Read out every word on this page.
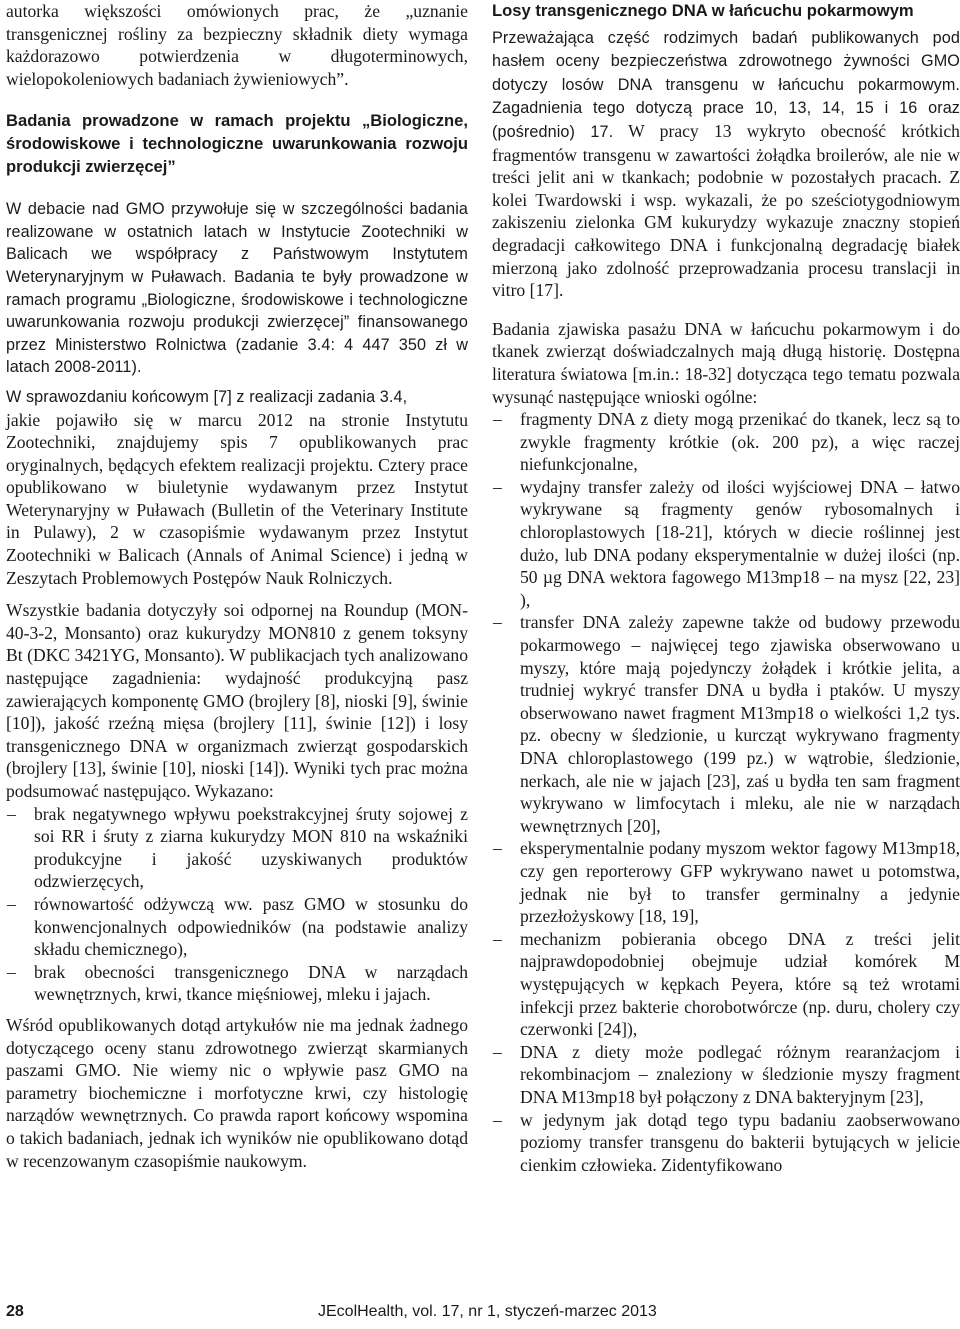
autorka większości omówionych prac, że „uznanie transgenicznej rośliny za bezpieczny składnik diety wymaga każdorazowo potwierdzenia w długoterminowych, wielopokoleniowych badaniach żywieniowych”.

Badania prowadzone w ramach projektu „Biologiczne, środowiskowe i technologiczne uwarunkowania rozwoju produkcji zwierzęcej”

W debacie nad GMO przywołuje się w szczególności badania realizowane w ostatnich latach w Instytucie Zootechniki w Balicach we współpracy z Państwowym Instytutem Weterynaryjnym w Puławach. Badania te były prowadzone w ramach programu „Biologiczne, środowiskowe i technologiczne uwarunkowania rozwoju produkcji zwierzęcej” finansowanego przez Ministerstwo Rolnictwa (zadanie 3.4: 4 447 350 zł w latach 2008-2011).

W sprawozdaniu końcowym [7] z realizacji zadania 3.4,

jakie pojawiło się w marcu 2012 na stronie Instytutu Zootechniki, znajdujemy spis 7 opublikowanych prac oryginalnych, będących efektem realizacji projektu. Cztery prace opublikowano w biuletynie wydawanym przez Instytut Weterynaryjny w Puławach (Bulletin of the Veterinary Institute in Pulawy), 2 w czasopiśmie wydawanym przez Instytut Zootechniki w Balicach (Annals of Animal Science) i jedną w Zeszytach Problemowych Postępów Nauk Rolniczych.

Wszystkie badania dotyczyły soi odpornej na Roundup (MON-40-3-2, Monsanto) oraz kukurydzy MON810 z genem toksyny Bt (DKC 3421YG, Monsanto). W publikacjach tych analizowano następujące zagadnienia: wydajność produkcyjną pasz zawierających komponentę GMO (brojlery [8], nioski [9], świnie [10]), jakość rzeźną mięsa (brojlery [11], świnie [12]) i losy transgenicznego DNA w organizmach zwierząt gospodarskich (brojlery [13], świnie [10], nioski [14]). Wyniki tych prac można podsumować następująco. Wykazano:

– brak negatywnego wpływu poekstrakcyjnej śruty sojowej z soi RR i śruty z ziarna kukurydzy MON 810 na wskaźniki produkcyjne i jakość uzyskiwanych produktów odzwierzęcych,
– równowartość odżywczą ww. pasz GMO w stosunku do konwencjonalnych odpowiedników (na podstawie analizy składu chemicznego),
– brak obecności transgenicznego DNA w narządach wewnętrznych, krwi, tkance mięśniowej, mleku i jajach.

Wśród opublikowanych dotąd artykułów nie ma jednak żadnego dotyczącego oceny stanu zdrowotnego zwierząt skarmianych paszami GMO. Nie wiemy nic o wpływie pasz GMO na parametry biochemiczne i morfotyczne krwi, czy histologię narządów wewnętrznych. Co prawda raport końcowy wspomina o takich badaniach, jednak ich wyników nie opublikowano dotąd w recenzowanym czasopiśmie naukowym.

Losy transgenicznego DNA w łańcuchu pokarmowym

Przeważająca część rodzimych badań publikowanych pod hasłem oceny bezpieczeństwa zdrowotnego żywności GMO dotyczy losów DNA transgenu w łańcuchu pokarmowym. Zagadnienia tego dotyczą prace 10, 13, 14, 15 i 16 oraz (pośrednio) 17. W pracy 13 wykryto obecność krótkich fragmentów transgenu w zawartości żołądka broilerów, ale nie w treści jelit ani w tkankach; podobnie w pozostałych pracach. Z kolei Twardowski i wsp. wykazali, że po sześciotygodniowym zakiszeniu zielonka GM kukurydzy wykazuje znaczny stopień degradacji całkowitego DNA i funkcjonalną degradację białek mierzoną jako zdolność przeprowadzania procesu translacji in vitro [17].

Badania zjawiska pasażu DNA w łańcuchu pokarmowym i do tkanek zwierząt doświadczalnych mają długą historię. Dostępna literatura światowa [m.in.: 18-32] dotycząca tego tematu pozwala wysunąć następujące wnioski ogólne:

– fragmenty DNA z diety mogą przenikać do tkanek, lecz są to zwykle fragmenty krótkie (ok. 200 pz), a więc raczej niefunkcjonalne,
– wydajny transfer zależy od ilości wyjściowej DNA – łatwo wykrywane są fragmenty genów rybosomalnych i chloroplastowych [18-21], których w diecie roślinnej jest dużo, lub DNA podany eksperymentalnie w dużej ilości (np. 50 µg DNA wektora fagowego M13mp18 – na mysz [22, 23] ),
– transfer DNA zależy zapewne także od budowy przewodu pokarmowego – najwięcej tego zjawiska obserwowano u myszy, które mają pojedynczy żołądek i krótkie jelita, a trudniej wykryć transfer DNA u bydła i ptaków. U myszy obserwowano nawet fragment M13mp18 o wielkości 1,2 tys. pz. obecny w śledzionie, u kurcząt wykrywano fragmenty DNA chloroplastowego (199 pz.) w wątrobie, śledzionie, nerkach, ale nie w jajach [23], zaś u bydła ten sam fragment wykrywano w limfocytach i mleku, ale nie w narządach wewnętrznych [20],
– eksperymentalnie podany myszom wektor fagowy M13mp18, czy gen reporterowy GFP wykrywano nawet u potomstwa, jednak nie był to transfer germinalny a jedynie przezłożyskowy [18, 19],
– mechanizm pobierania obcego DNA z treści jelit najprawdopodobniej obejmuje udział komórek M występujących w kępkach Peyera, które są też wrotami infekcji przez bakterie chorobotwórcze (np. duru, cholery czy czerwonki [24]),
– DNA z diety może podlegać różnym rearanżacjom i rekombinacjom – znaleziony w śledzionie myszy fragment DNA M13mp18 był połączony z DNA bakteryjnym [23],
– w jedynym jak dotąd tego typu badaniu zaobserwowano poziomy transfer transgenu do bakterii bytujących w jelicie cienkim człowieka. Zidentyfikowano
28	JEcolHealth, vol. 17, nr 1, styczeń-marzec 2013
